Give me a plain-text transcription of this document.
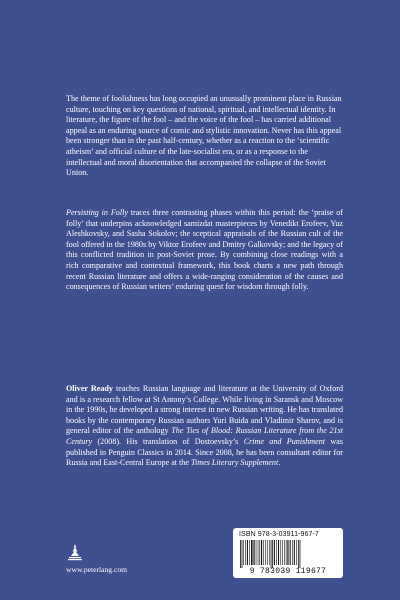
The theme of foolishness has long occupied an unusually prominent place in Russian culture, touching on key questions of national, spiritual, and intellectual identity. In literature, the figure of the fool – and the voice of the fool – has carried additional appeal as an enduring source of comic and stylistic innovation. Never has this appeal been stronger than in the past half-century, whether as a reaction to the ‘scientific atheism’ and official culture of the late-socialist era, or as a response to the intellectual and moral disorientation that accompanied the collapse of the Soviet Union.

Persisting in Folly traces three contrasting phases within this period: the ‘praise of folly’ that underpins acknowledged samizdat masterpieces by Venedikt Erofeev, Yuz Aleshkovsky, and Sasha Sokolov; the sceptical appraisals of the Russian cult of the fool offered in the 1980s by Viktor Erofeev and Dmitry Galkovsky; and the legacy of this conflicted tradition in post-Soviet prose. By combining close readings with a rich comparative and contextual framework, this book charts a new path through recent Russian literature and offers a wide-ranging consideration of the causes and consequences of Russian writers’ enduring quest for wisdom through folly.

Oliver Ready teaches Russian language and literature at the University of Oxford and is a research fellow at St Antony’s College. While living in Saransk and Moscow in the 1990s, he developed a strong interest in new Russian writing. He has translated books by the contemporary Russian authors Yuri Buida and Vladimir Sharov, and is general editor of the anthology The Ties of Blood: Russian Literature from the 21st Century (2008). His translation of Dostoevsky’s Crime and Punishment was published in Penguin Classics in 2014. Since 2008, he has been consultant editor for Russia and East-Central Europe at the Times Literary Supplement.

www.peterlang.com
ISBN 978-3-03911-967-7
9 783039 119677
